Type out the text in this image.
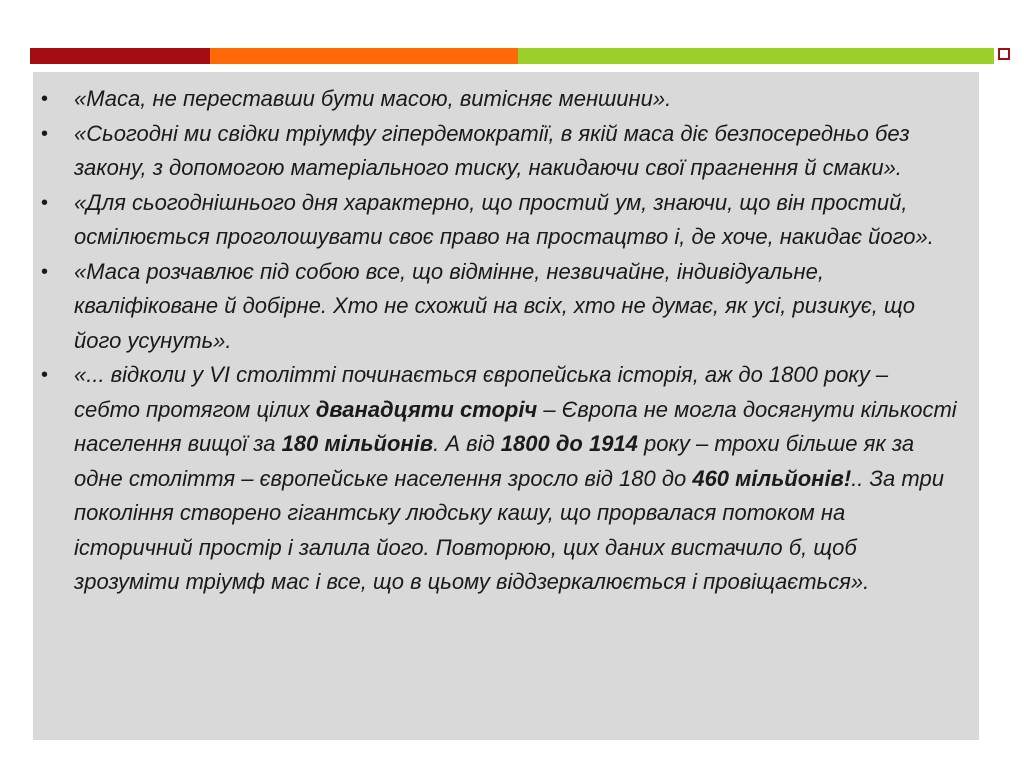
• «Маса, не переставши бути масою, витісняє меншини».
• «Сьогодні ми свідки тріумфу гіпердемократії, в якій маса діє безпосередньо без закону, з допомогою матеріального тиску, накидаючи свої прагнення й смаки».
• «Для сьогоднішнього дня характерно, що простий ум, знаючи, що він простий, осмілюється проголошувати своє право на простацтво і, де хоче, накидає його».
• «Маса розчавлює під собою все, що відмінне, незвичайне, індивідуальне, кваліфіковане й добірне. Хто не схожий на всіх, хто не думає, як усі, ризикує, що його усунуть».
• «... відколи у VI столітті починається європейська історія, аж до 1800 року – себто протягом цілих дванадцяти сторіч – Європа не могла досягнути кількості населення вищої за 180 мільйонів. А від 1800 до 1914 року – трохи більше як за одне століття – європейське населення зросло від 180 до 460 мільйонів!.. За три покоління створено гігантську людську кашу, що прорвалася потоком на історичний простір і залила його. Повторюю, цих даних вистачило б, щоб зрозуміти тріумф мас і все, що в цьому віддзеркалюється і провіщається».
